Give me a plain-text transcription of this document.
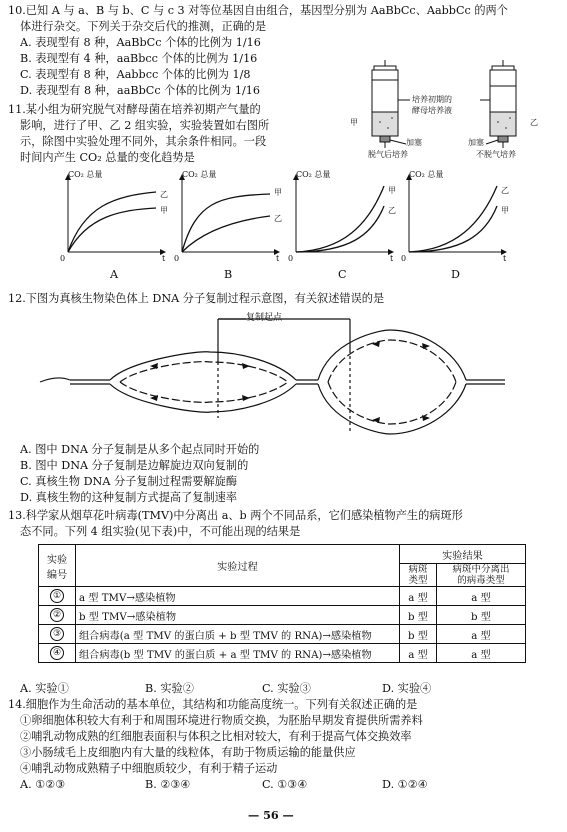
10.已知 A 与 a、B 与 b、C 与 c 3 对等位基因自由组合，基因型分别为 AaBbCc、AabbCc 的两个
体进行杂交。下列关于杂交后代的推测，正确的是
A. 表现型有 8 种，AaBbCc 个体的比例为 1/16
B. 表现型有 4 种，aaBbcc 个体的比例为 1/16
C. 表现型有 8 种，Aabbcc 个体的比例为 1/8
D. 表现型有 8 种，aaBbCc 个体的比例为 1/16
11.某小组为研究脱气对酵母菌在培养初期产气量的
影响，进行了甲、乙 2 组实验，实验装置如右图所
示，除图中实验处理不同外，其余条件相同。一段
时间内产生 CO₂ 总量的变化趋势是
甲	乙
培养初期的
酵母培养液
加塞	加塞
脱气后培养	不脱气培养
CO₂ 总量
乙
甲
0	t
A
CO₂ 总量
甲
乙
0	t
B
CO₂ 总量
甲
乙
0	t
C
CO₂ 总量
乙
甲
0	t
D
12.下图为真核生物染色体上 DNA 分子复制过程示意图，有关叙述错误的是
复制起点
A. 图中 DNA 分子复制是从多个起点同时开始的
B. 图中 DNA 分子复制是边解旋边双向复制的
C. 真核生物 DNA 分子复制过程需要解旋酶
D. 真核生物的这种复制方式提高了复制速率
13.科学家从烟草花叶病毒(TMV)中分离出 a、b 两个不同品系，它们感染植物产生的病斑形
态不同。下列 4 组实验(见下表)中，不可能出现的结果是
实验
编号	实验过程	实验结果	
		病斑
类型	病斑中分离出
的病毒类型
①	a 型 TMV→感染植物	a 型	a 型
②	b 型 TMV→感染植物	b 型	b 型
③	组合病毒(a 型 TMV 的蛋白质 + b 型 TMV 的 RNA)→感染植物	b 型	a 型
④	组合病毒(b 型 TMV 的蛋白质 + a 型 TMV 的 RNA)→感染植物	a 型	a 型
A. 实验①	B. 实验②	C. 实验③	D. 实验④
14.细胞作为生命活动的基本单位，其结构和功能高度统一。下列有关叙述正确的是
①卵细胞体积较大有利于和周围环境进行物质交换，为胚胎早期发育提供所需养料
②哺乳动物成熟的红细胞表面积与体积之比相对较大，有利于提高气体交换效率
③小肠绒毛上皮细胞内有大量的线粒体，有助于物质运输的能量供应
④哺乳动物成熟精子中细胞质较少，有利于精子运动
A. ①②③	B. ②③④	C. ①③④	D. ①②④
— 56 —
